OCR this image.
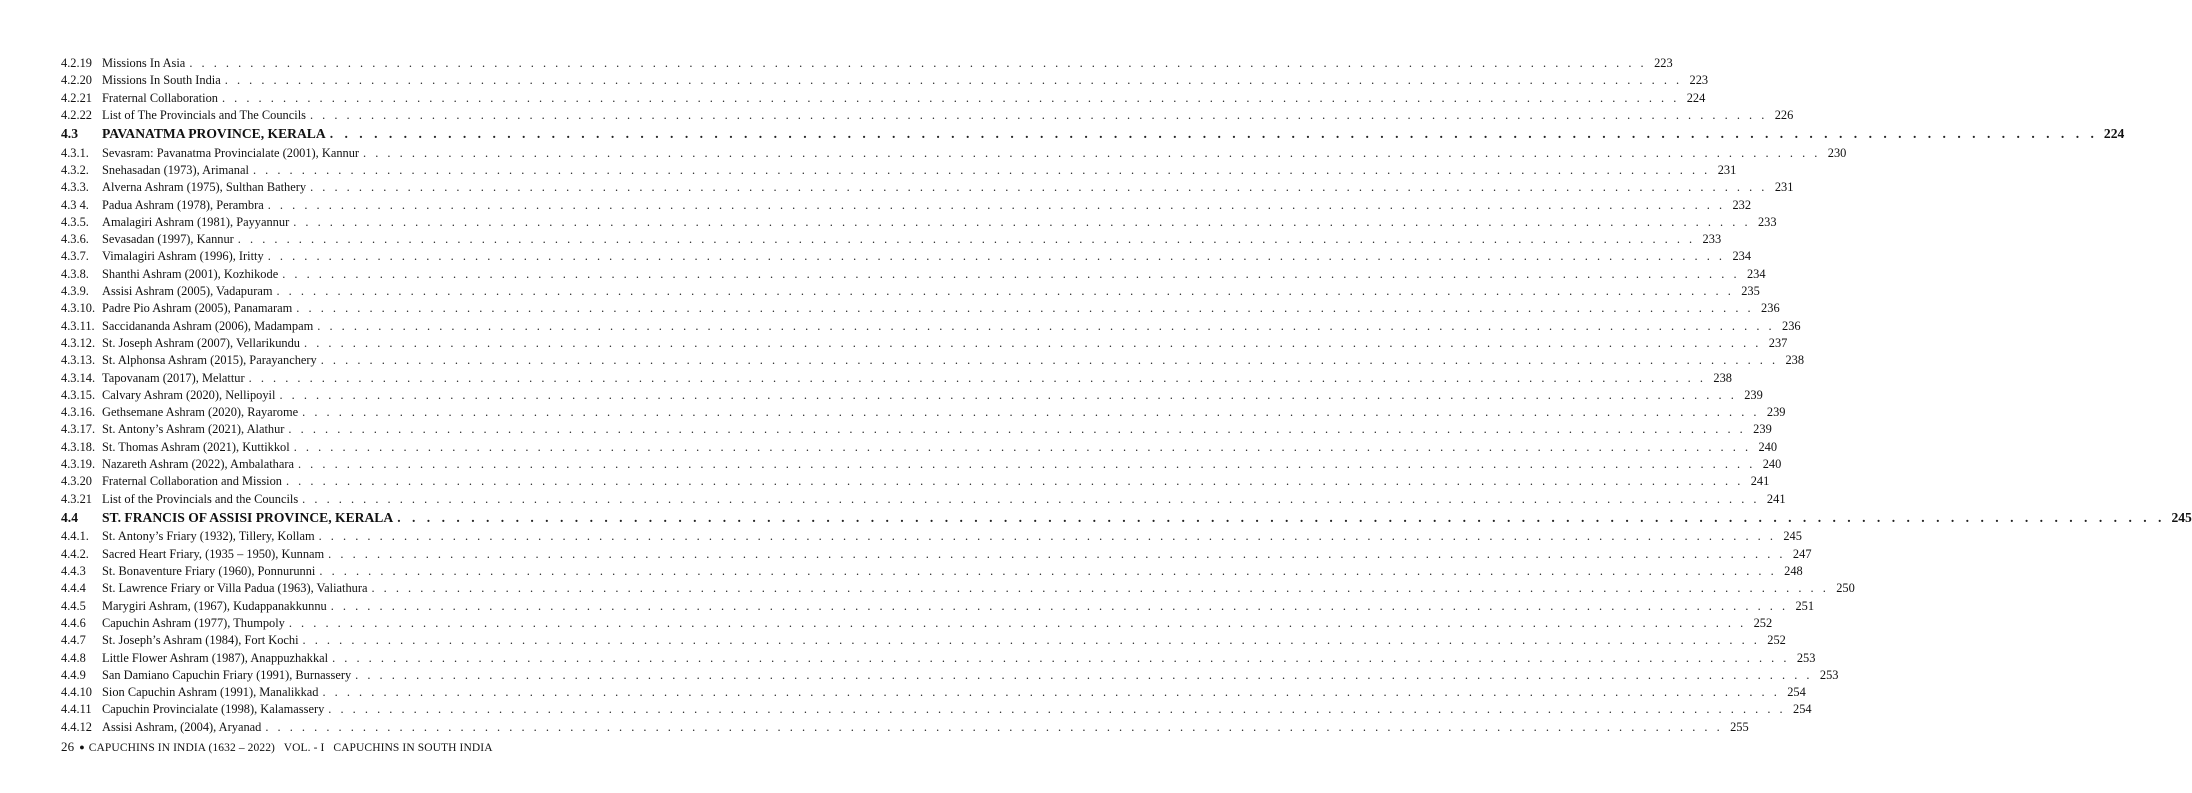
4.2.19 Missions In Asia . . . . . . . . . . . . . . . . . . . . . . . . . . . . . . . . . . . . . . . . . . . . . . . . . . . . . . . . . . . . . . . . . . . . . . . . . . . . . . . . . . . . . . . . . . . . . . . . . . . . . . . . . . . . . . . . . . . . . . . . 223
4.2.20 Missions In South India . . . . . . . . . . . . . . . . . . . . . . . . . . . . . . . . . . . . . . . . . . . . . . . . . . . . . . . . . . . . . . . . . . . . . . . . . . . . . . . . . . . . . . . . . . . . . . . . . . . . . . . . . . . . . . . . . . . . . . . . 223
4.2.21 Fraternal Collaboration . . . . . . . . . . . . . . . . . . . . . . . . . . . . . . . . . . . . . . . . . . . . . . . . . . . . . . . . . . . . . . . . . . . . . . . . . . . . . . . . . . . . . . . . . . . . . . . . . . . . . . . . . . . . . . . . . . . . . . . . 224
4.2.22 List of The Provincials and The Councils . . . . . . . . . . . . . . . . . . . . . . . . . . . . . . . . . . . . . . . . . . . . . . . . . . . . . . . . . . . . . . . . . . . . . . . . . . . . . . . . . . . . . . . . . . . . . . . . . . . . . . . . . . . . . . . . . . . . . . . . 226
4.3	PAVANATMA PROVINCE, KERALA . . . . . . . . . . . . . . . . . . . . . . . . . . . . . . . . . . . . . . . . . . . . . . . . . . . . . . . . . . . . . . . . . . . . . . . . . . . . . . . . . . . . . . . . . . . . . . . . . . . . . . . . . . . . . . . . . . . . . . . . 224
4.3.1.	Sevasram: Pavanatma Provincialate (2001), Kannur . . . . . . . . . . . . . . . . . . . . . . . . . . . . . . . . . . . . . . . . . . . . . . . . . . . . . . . . . . . . . . . . . . . . . . . . . . . . . . . . . . . . . . . . . . . . . . . . . . . . . . . . . . . . . . . . . . . . . . . . 230
4.3.2.	Snehasadan (1973), Arimanal . . . . . . . . . . . . . . . . . . . . . . . . . . . . . . . . . . . . . . . . . . . . . . . . . . . . . . . . . . . . . . . . . . . . . . . . . . . . . . . . . . . . . . . . . . . . . . . . . . . . . . . . . . . . . . . . . . . . . . . . 231
4.3.3.	Alverna Ashram (1975), Sulthan Bathery . . . . . . . . . . . . . . . . . . . . . . . . . . . . . . . . . . . . . . . . . . . . . . . . . . . . . . . . . . . . . . . . . . . . . . . . . . . . . . . . . . . . . . . . . . . . . . . . . . . . . . . . . . . . . . . . . . . . . . . . 231
4.3 4.	Padua Ashram (1978), Perambra . . . . . . . . . . . . . . . . . . . . . . . . . . . . . . . . . . . . . . . . . . . . . . . . . . . . . . . . . . . . . . . . . . . . . . . . . . . . . . . . . . . . . . . . . . . . . . . . . . . . . . . . . . . . . . . . . . . . . . . . 232
4.3.5.	Amalagiri Ashram (1981), Payyannur . . . . . . . . . . . . . . . . . . . . . . . . . . . . . . . . . . . . . . . . . . . . . . . . . . . . . . . . . . . . . . . . . . . . . . . . . . . . . . . . . . . . . . . . . . . . . . . . . . . . . . . . . . . . . . . . . . . . . . . . 233
4.3.6.	Sevasadan (1997), Kannur . . . . . . . . . . . . . . . . . . . . . . . . . . . . . . . . . . . . . . . . . . . . . . . . . . . . . . . . . . . . . . . . . . . . . . . . . . . . . . . . . . . . . . . . . . . . . . . . . . . . . . . . . . . . . . . . . . . . . . . . 233
4.3.7.	Vimalagiri Ashram (1996), Iritty . . . . . . . . . . . . . . . . . . . . . . . . . . . . . . . . . . . . . . . . . . . . . . . . . . . . . . . . . . . . . . . . . . . . . . . . . . . . . . . . . . . . . . . . . . . . . . . . . . . . . . . . . . . . . . . . . . . . . . . . 234
4.3.8.	Shanthi Ashram (2001), Kozhikode . . . . . . . . . . . . . . . . . . . . . . . . . . . . . . . . . . . . . . . . . . . . . . . . . . . . . . . . . . . . . . . . . . . . . . . . . . . . . . . . . . . . . . . . . . . . . . . . . . . . . . . . . . . . . . . . . . . . . . . . 234
4.3.9.	Assisi Ashram (2005), Vadapuram . . . . . . . . . . . . . . . . . . . . . . . . . . . . . . . . . . . . . . . . . . . . . . . . . . . . . . . . . . . . . . . . . . . . . . . . . . . . . . . . . . . . . . . . . . . . . . . . . . . . . . . . . . . . . . . . . . . . . . . . 235
4.3.10. Padre Pio Ashram (2005), Panamaram . . . . . . . . . . . . . . . . . . . . . . . . . . . . . . . . . . . . . . . . . . . . . . . . . . . . . . . . . . . . . . . . . . . . . . . . . . . . . . . . . . . . . . . . . . . . . . . . . . . . . . . . . . . . . . . . . . . . . . . . 236
4.3.11. Saccidananda Ashram (2006), Madampam . . . . . . . . . . . . . . . . . . . . . . . . . . . . . . . . . . . . . . . . . . . . . . . . . . . . . . . . . . . . . . . . . . . . . . . . . . . . . . . . . . . . . . . . . . . . . . . . . . . . . . . . . . . . . . . . . . . . . . . . 236
4.3.12. St. Joseph Ashram (2007), Vellarikundu . . . . . . . . . . . . . . . . . . . . . . . . . . . . . . . . . . . . . . . . . . . . . . . . . . . . . . . . . . . . . . . . . . . . . . . . . . . . . . . . . . . . . . . . . . . . . . . . . . . . . . . . . . . . . . . . . . . . . . . . 237
4.3.13. St. Alphonsa Ashram (2015), Parayanchery . . . . . . . . . . . . . . . . . . . . . . . . . . . . . . . . . . . . . . . . . . . . . . . . . . . . . . . . . . . . . . . . . . . . . . . . . . . . . . . . . . . . . . . . . . . . . . . . . . . . . . . . . . . . . . . . . . . . . . . . 238
4.3.14. Tapovanam (2017), Melattur . . . . . . . . . . . . . . . . . . . . . . . . . . . . . . . . . . . . . . . . . . . . . . . . . . . . . . . . . . . . . . . . . . . . . . . . . . . . . . . . . . . . . . . . . . . . . . . . . . . . . . . . . . . . . . . . . . . . . . . . 238
4.3.15. Calvary Ashram (2020), Nellipoyil . . . . . . . . . . . . . . . . . . . . . . . . . . . . . . . . . . . . . . . . . . . . . . . . . . . . . . . . . . . . . . . . . . . . . . . . . . . . . . . . . . . . . . . . . . . . . . . . . . . . . . . . . . . . . . . . . . . . . . . . 239
4.3.16. Gethsemane Ashram (2020), Rayarome . . . . . . . . . . . . . . . . . . . . . . . . . . . . . . . . . . . . . . . . . . . . . . . . . . . . . . . . . . . . . . . . . . . . . . . . . . . . . . . . . . . . . . . . . . . . . . . . . . . . . . . . . . . . . . . . . . . . . . . . 239
4.3.17. St. Antony’s Ashram (2021), Alathur . . . . . . . . . . . . . . . . . . . . . . . . . . . . . . . . . . . . . . . . . . . . . . . . . . . . . . . . . . . . . . . . . . . . . . . . . . . . . . . . . . . . . . . . . . . . . . . . . . . . . . . . . . . . . . . . . . . . . . . . 239
4.3.18. St. Thomas Ashram (2021), Kuttikkol . . . . . . . . . . . . . . . . . . . . . . . . . . . . . . . . . . . . . . . . . . . . . . . . . . . . . . . . . . . . . . . . . . . . . . . . . . . . . . . . . . . . . . . . . . . . . . . . . . . . . . . . . . . . . . . . . . . . . . . . 240
4.3.19. Nazareth Ashram (2022), Ambalathara . . . . . . . . . . . . . . . . . . . . . . . . . . . . . . . . . . . . . . . . . . . . . . . . . . . . . . . . . . . . . . . . . . . . . . . . . . . . . . . . . . . . . . . . . . . . . . . . . . . . . . . . . . . . . . . . . . . . . . . . 240
4.3.20 Fraternal Collaboration and Mission . . . . . . . . . . . . . . . . . . . . . . . . . . . . . . . . . . . . . . . . . . . . . . . . . . . . . . . . . . . . . . . . . . . . . . . . . . . . . . . . . . . . . . . . . . . . . . . . . . . . . . . . . . . . . . . . . . . . . . . . 241
4.3.21 List of the Provincials and the Councils . . . . . . . . . . . . . . . . . . . . . . . . . . . . . . . . . . . . . . . . . . . . . . . . . . . . . . . . . . . . . . . . . . . . . . . . . . . . . . . . . . . . . . . . . . . . . . . . . . . . . . . . . . . . . . . . . . . . . . . . 241
4.4	ST. FRANCIS OF ASSISI PROVINCE, KERALA . . . . . . . . . . . . . . . . . . . . . . . . . . . . . . . . . . . . . . . . . . . . . . . . . . . . . . . . . . . . . . . . . . . . . . . . . . . . . . . . . . . . . . . . . . . . . . . . . . . . . . . . . . . . . . . . . . . . . . . . 245
4.4.1.	St. Antony’s Friary (1932), Tillery, Kollam . . . . . . . . . . . . . . . . . . . . . . . . . . . . . . . . . . . . . . . . . . . . . . . . . . . . . . . . . . . . . . . . . . . . . . . . . . . . . . . . . . . . . . . . . . . . . . . . . . . . . . . . . . . . . . . . . . . . . . . . 245
4.4.2.	Sacred Heart Friary, (1935 – 1950), Kunnam . . . . . . . . . . . . . . . . . . . . . . . . . . . . . . . . . . . . . . . . . . . . . . . . . . . . . . . . . . . . . . . . . . . . . . . . . . . . . . . . . . . . . . . . . . . . . . . . . . . . . . . . . . . . . . . . . . . . . . . . 247
4.4.3	St. Bonaventure Friary (1960), Ponnurunni . . . . . . . . . . . . . . . . . . . . . . . . . . . . . . . . . . . . . . . . . . . . . . . . . . . . . . . . . . . . . . . . . . . . . . . . . . . . . . . . . . . . . . . . . . . . . . . . . . . . . . . . . . . . . . . . . . . . . . . . 248
4.4.4	St. Lawrence Friary or Villa Padua (1963), Valiathura . . . . . . . . . . . . . . . . . . . . . . . . . . . . . . . . . . . . . . . . . . . . . . . . . . . . . . . . . . . . . . . . . . . . . . . . . . . . . . . . . . . . . . . . . . . . . . . . . . . . . . . . . . . . . . . . . . . . . . . . 250
4.4.5	Marygiri Ashram, (1967), Kudappanakkunnu . . . . . . . . . . . . . . . . . . . . . . . . . . . . . . . . . . . . . . . . . . . . . . . . . . . . . . . . . . . . . . . . . . . . . . . . . . . . . . . . . . . . . . . . . . . . . . . . . . . . . . . . . . . . . . . . . . . . . . . . 251
4.4.6	Capuchin Ashram (1977), Thumpoly . . . . . . . . . . . . . . . . . . . . . . . . . . . . . . . . . . . . . . . . . . . . . . . . . . . . . . . . . . . . . . . . . . . . . . . . . . . . . . . . . . . . . . . . . . . . . . . . . . . . . . . . . . . . . . . . . . . . . . . . 252
4.4.7	St. Joseph’s Ashram (1984), Fort Kochi . . . . . . . . . . . . . . . . . . . . . . . . . . . . . . . . . . . . . . . . . . . . . . . . . . . . . . . . . . . . . . . . . . . . . . . . . . . . . . . . . . . . . . . . . . . . . . . . . . . . . . . . . . . . . . . . . . . . . . . . 252
4.4.8	Little Flower Ashram (1987), Anappuzhakkal . . . . . . . . . . . . . . . . . . . . . . . . . . . . . . . . . . . . . . . . . . . . . . . . . . . . . . . . . . . . . . . . . . . . . . . . . . . . . . . . . . . . . . . . . . . . . . . . . . . . . . . . . . . . . . . . . . . . . . . . 253
4.4.9	San Damiano Capuchin Friary (1991), Burnassery . . . . . . . . . . . . . . . . . . . . . . . . . . . . . . . . . . . . . . . . . . . . . . . . . . . . . . . . . . . . . . . . . . . . . . . . . . . . . . . . . . . . . . . . . . . . . . . . . . . . . . . . . . . . . . . . . . . . . . . . 253
4.4.10 Sion Capuchin Ashram (1991), Manalikkad . . . . . . . . . . . . . . . . . . . . . . . . . . . . . . . . . . . . . . . . . . . . . . . . . . . . . . . . . . . . . . . . . . . . . . . . . . . . . . . . . . . . . . . . . . . . . . . . . . . . . . . . . . . . . . . . . . . . . . . . 254
4.4.11 Capuchin Provincialate (1998), Kalamassery . . . . . . . . . . . . . . . . . . . . . . . . . . . . . . . . . . . . . . . . . . . . . . . . . . . . . . . . . . . . . . . . . . . . . . . . . . . . . . . . . . . . . . . . . . . . . . . . . . . . . . . . . . . . . . . . . . . . . . . . 254
4.4.12 Assisi Ashram, (2004), Aryanad . . . . . . . . . . . . . . . . . . . . . . . . . . . . . . . . . . . . . . . . . . . . . . . . . . . . . . . . . . . . . . . . . . . . . . . . . . . . . . . . . . . . . . . . . . . . . . . . . . . . . . . . . . . . . . . . . . . . . . . . 255
26 ● CAPUCHINS IN INDIA (1632 – 2022)   VOL. - I   CAPUCHINS IN SOUTH INDIA
